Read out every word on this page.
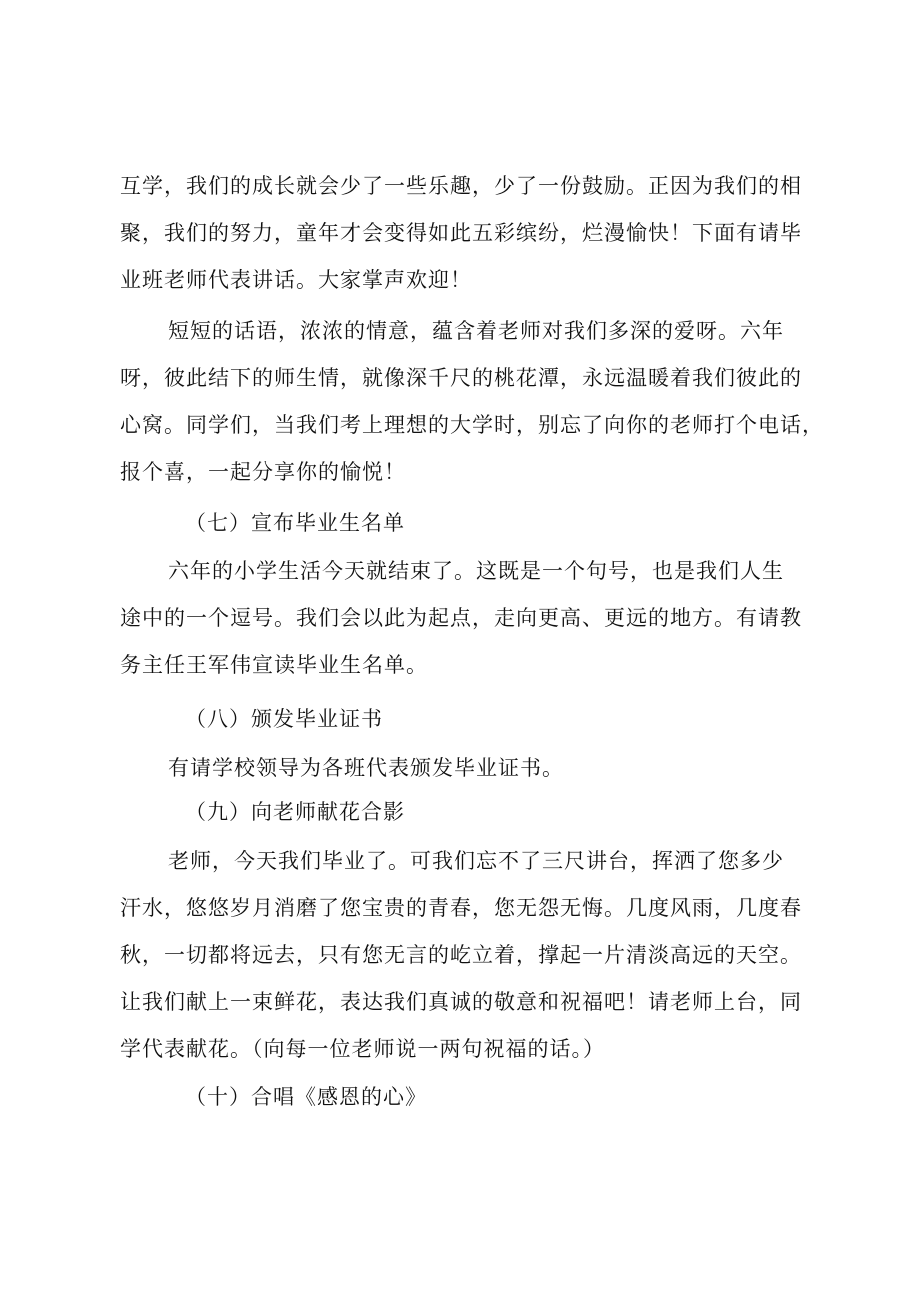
互学，我们的成长就会少了一些乐趣，少了一份鼓励。正因为我们的相
聚，我们的努力，童年才会变得如此五彩缤纷，烂漫愉快！下面有请毕
业班老师代表讲话。大家掌声欢迎！
短短的话语，浓浓的情意，蕴含着老师对我们多深的爱呀。六年
呀，彼此结下的师生情，就像深千尺的桃花潭，永远温暖着我们彼此的
心窝。同学们，当我们考上理想的大学时，别忘了向你的老师打个电话，
报个喜，一起分享你的愉悦！
（七）宣布毕业生名单
六年的小学生活今天就结束了。这既是一个句号，也是我们人生
途中的一个逗号。我们会以此为起点，走向更高、更远的地方。有请教
务主任王军伟宣读毕业生名单。
（八）颁发毕业证书
有请学校领导为各班代表颁发毕业证书。
（九）向老师献花合影
老师，今天我们毕业了。可我们忘不了三尺讲台，挥洒了您多少
汗水，悠悠岁月消磨了您宝贵的青春，您无怨无悔。几度风雨，几度春
秋，一切都将远去，只有您无言的屹立着，撑起一片清淡高远的天空。
让我们献上一束鲜花，表达我们真诚的敬意和祝福吧！请老师上台，同
学代表献花。（向每一位老师说一两句祝福的话。）
（十）合唱《感恩的心》
